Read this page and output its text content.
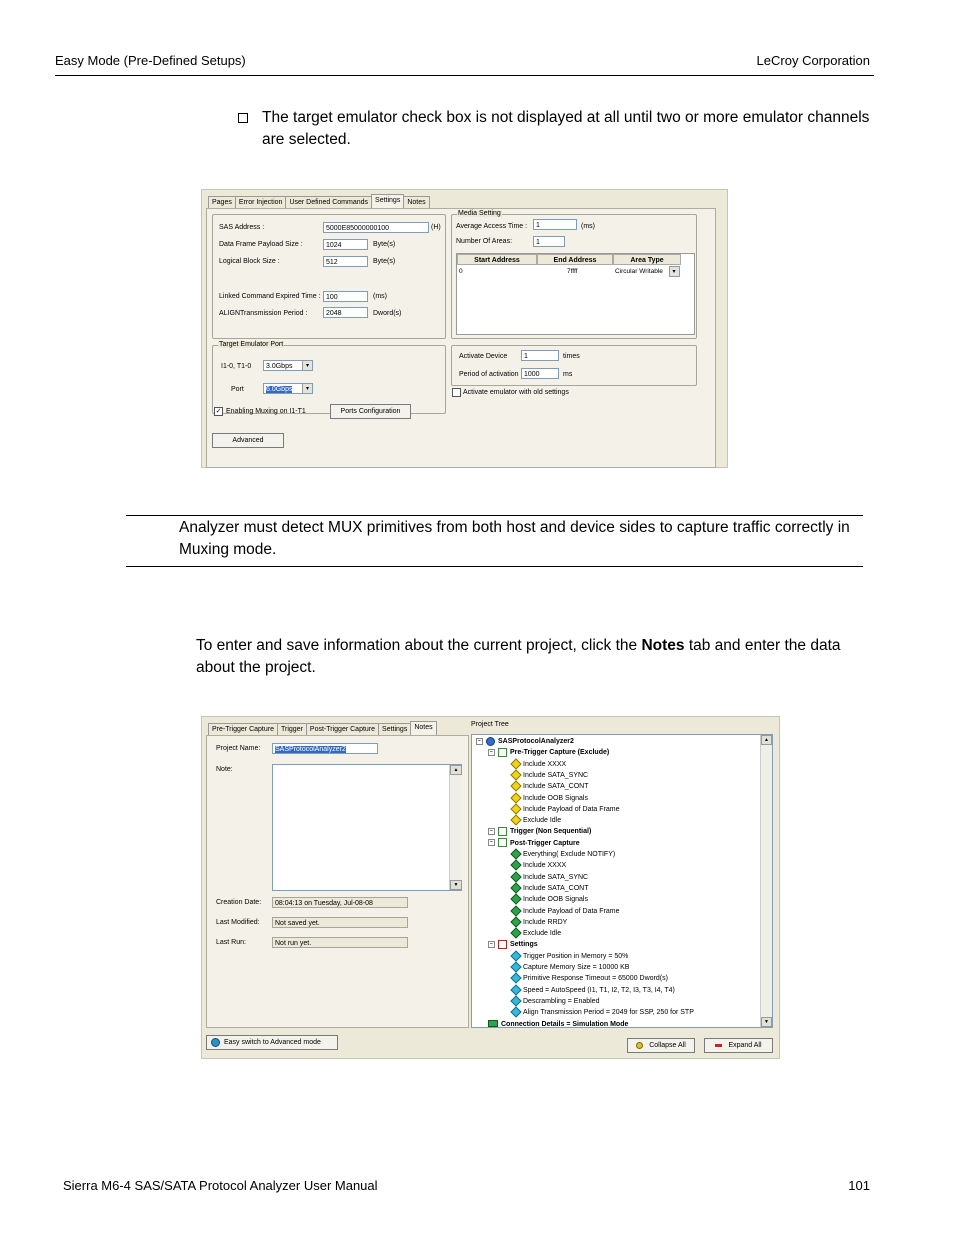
Easy Mode (Pre-Defined Setups)	LeCroy Corporation
The target emulator check box is not displayed at all until two or more emulator channels are selected.
Pages	Error Injection	User Defined Commands	Settings	Notes
SAS Address :	5000E85000000100	(H)
Data Frame Payload Size :	1024	Byte(s)
Logical Block Size :	512	Byte(s)
Linked Command Expired Time : 100	(ms)
ALIGNTransmission Period :	2048	Dword(s)
Media Setting
Average Access Time :	1	(ms)
Number Of Areas:	1
Start Address	End Address	Area Type
0	7ffff	Circular Writable	▾
Target Emulator Port
I1-0, T1-0	3.0Gbps	▾
Port	6.0Gbps	▾
Activate Device	1	times
Period of activation 1000	ms
Activate emulator with old settings
✓ Enabling Muxing on I1-T1	Ports Configuration
Advanced
Analyzer must detect MUX primitives from both host and device sides to capture traffic correctly in Muxing mode.
To enter and save information about the current project, click the Notes tab and enter the data about the project.
Pre-Trigger Capture	Trigger	Post-Trigger Capture	Settings	Notes
Project Name:	SASProtocolAnalyzer2
Note:	▲
▼
Creation Date:	08:04:13 on Tuesday, Jul-08-08
Last Modified:	Not saved yet.
Last Run:	Not run yet.
Project Tree
− SASProtocolAnalyzer2
− Pre-Trigger Capture (Exclude)
Include XXXX
Include SATA_SYNC
Include SATA_CONT
Include OOB Signals
Include Payload of Data Frame
Exclude Idle
− Trigger (Non Sequential)
− Post-Trigger Capture
Everything( Exclude NOTIFY)
Include XXXX
Include SATA_SYNC
Include SATA_CONT
Include OOB Signals
Include Payload of Data Frame
Include RRDY
Exclude Idle
− Settings
Trigger Position in Memory = 50%
Capture Memory Size = 10000 KB
Primitive Response Timeout = 65000 Dword(s)
Speed = AutoSpeed (I1, T1, I2, T2, I3, T3, I4, T4)
Descrambling = Enabled
Align Transmission Period = 2049 for SSP, 250 for STP
Connection Details = Simulation Mode
▲
▼
Easy switch to Advanced mode	Collapse All	Expand All
Sierra M6-4 SAS/SATA Protocol Analyzer User Manual	101
